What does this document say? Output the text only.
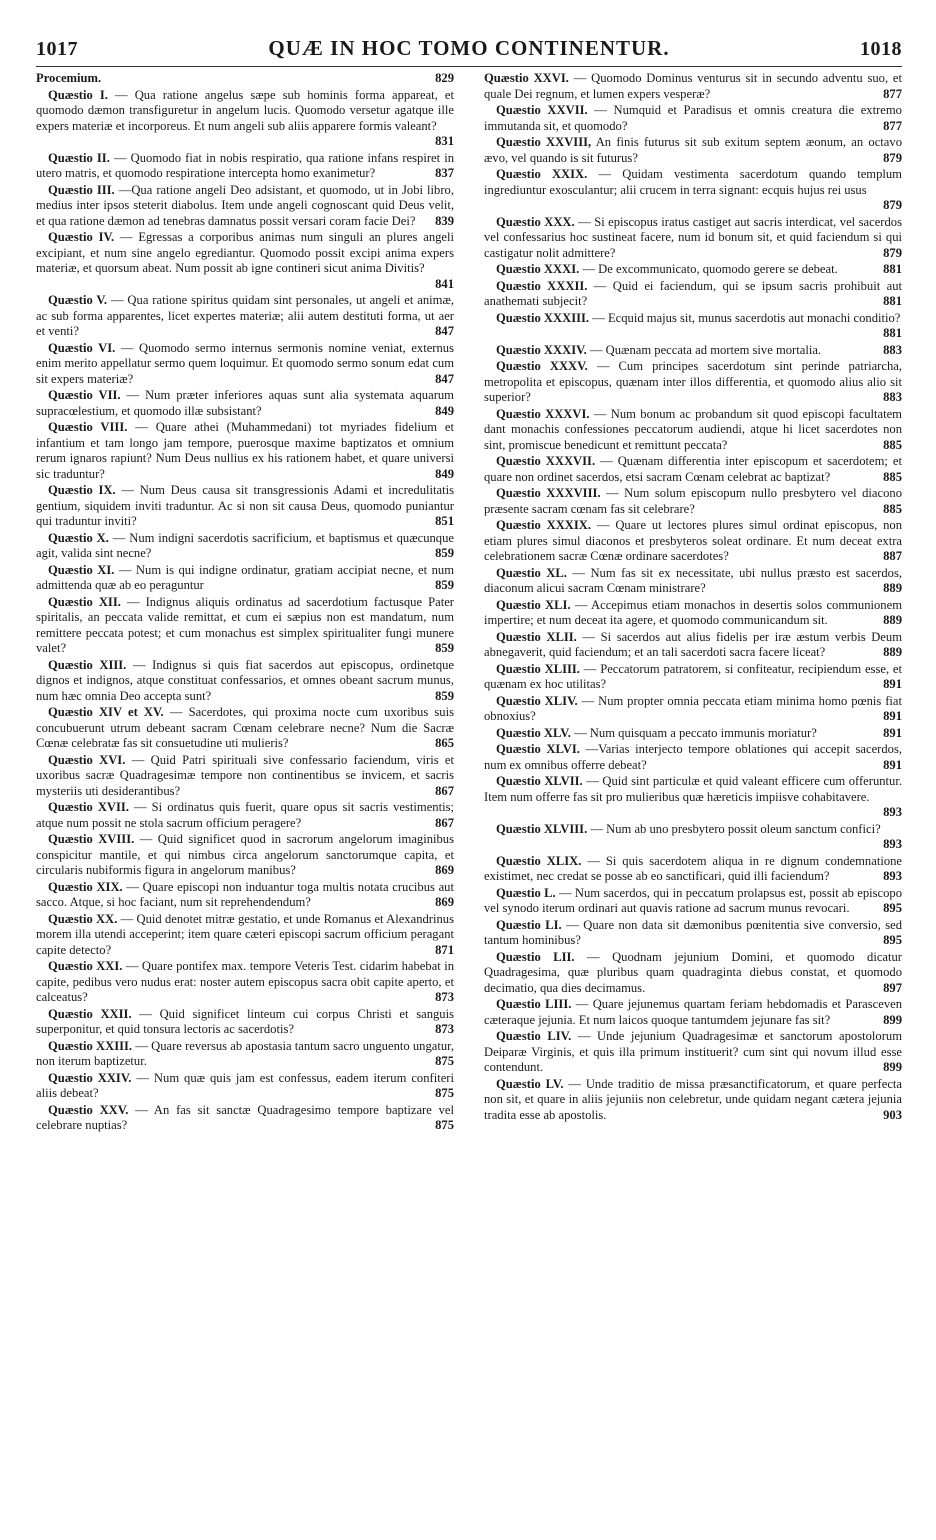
1017	QUÆ IN HOC TOMO CONTINENTUR.	1018

Procemium.	829

Quæstio I. — Qua ratione angelus sæpe sub hominis forma appareat, et quomodo dæmon transfiguretur in angelum lucis. Quomodo versetur agatque ille expers materiæ et incorporeus. Et num angeli sub aliis apparere formis valeant?
831

Quæstio II. — Quomodo fiat in nobis respiratio, qua ratione infans respiret in utero matris, et quomodo respiratione intercepta homo exanimetur?	837

Quæstio III. —Qua ratione angeli Deo adsistant, et quomodo, ut in Jobi libro, medius inter ipsos steterit diabolus. Item unde angeli cognoscant quid Deus velit, et qua ratione dæmon ad tenebras damnatus possit versari coram facie Dei?	839

Quæstio IV. — Egressas a corporibus animas num singuli an plures angeli excipiant, et num sine angelo egrediantur. Quomodo possit excipi anima expers materiæ, et quorsum abeat. Num possit ab igne contineri sicut anima Divitis?
841

Quæstio V. — Qua ratione spiritus quidam sint personales, ut angeli et animæ, ac sub forma apparentes, licet expertes materiæ; alii autem destituti forma, ut aer et venti?	847

Quæstio VI. — Quomodo sermo internus sermonis nomine veniat, externus enim merito appellatur sermo quem loquimur. Et quomodo sermo sonum edat cum sit expers materiæ?	847

Quæstio VII. — Num præter inferiores aquas sunt alia systemata aquarum supracœlestium, et quomodo illæ subsistant?	849

Quæstio VIII. — Quare athei (Muhammedani) tot myriades fidelium et infantium et tam longo jam tempore, puerosque maxime baptizatos et omnium rerum ignaros rapiunt? Num Deus nullius ex his rationem habet, et quare universi sic traduntur?	849

Quæstio IX. — Num Deus causa sit transgressionis Adami et incredulitatis gentium, siquidem inviti traduntur. Ac si non sit causa Deus, quomodo puniantur qui traduntur inviti?	851

Quæstio X. — Num indigni sacerdotis sacrificium, et baptismus et quæcunque agit, valida sint necne?	859

Quæstio XI. — Num is qui indigne ordinatur, gratiam accipiat necne, et num admittenda quæ ab eo peraguntur	859

Quæstio XII. — Indignus aliquis ordinatus ad sacerdotium factusque Pater spiritalis, an peccata valide remittat, et cum ei sæpius non est mandatum, num remittere peccata potest; et cum monachus est simplex spiritualiter fungi munere valet?	859

Quæstio XIII. — Indignus si quis fiat sacerdos aut episcopus, ordinetque dignos et indignos, atque constituat confessarios, et omnes obeant sacrum munus, num hæc omnia Deo accepta sunt?	859

Quæstio XIV et XV. — Sacerdotes, qui proxima nocte cum uxoribus suis concubuerunt utrum debeant sacram Cœnam celebrare necne? Num die Sacræ Cœnæ celebratæ fas sit consuetudine uti mulieris?	865

Quæstio XVI. — Quid Patri spirituali sive confessario faciendum, viris et uxoribus sacræ Quadragesimæ tempore non continentibus se invicem, et sacris mysteriis uti desiderantibus?	867

Quæstio XVII. — Si ordinatus quis fuerit, quare opus sit sacris vestimentis; atque num possit ne stola sacrum officium peragere?	867

Quæstio XVIII. — Quid significet quod in sacrorum angelorum imaginibus conspicitur mantile, et qui nimbus circa angelorum sanctorumque capita, et circularis nubiformis figura in angelorum manibus?	869

Quæstio XIX. — Quare episcopi non induantur toga multis notata crucibus aut sacco. Atque, si hoc faciant, num sit reprehendendum?	869

Quæstio XX. — Quid denotet mitræ gestatio, et unde Romanus et Alexandrinus morem illa utendi acceperint; item quare cæteri episcopi sacrum officium peragant capite detecto?	871

Quæstio XXI. — Quare pontifex max. tempore Veteris Test. cidarim habebat in capite, pedibus vero nudus erat: noster autem episcopus sacra obit capite aperto, et calceatus?	873

Quæstio XXII. — Quid significet linteum cui corpus Christi et sanguis superponitur, et quid tonsura lectoris ac sacerdotis?	873

Quæstio XXIII. — Quare reversus ab apostasia tantum sacro unguento ungatur, non iterum baptizetur.	875

Quæstio XXIV. — Num quæ quis jam est confessus, eadem iterum confiteri aliis debeat?	875

Quæstio XXV. — An fas sit sanctæ Quadragesimo tempore baptizare vel celebrare nuptias?	875

Quæstio XXVI. — Quomodo Dominus venturus sit in secundo adventu suo, et quale Dei regnum, et lumen expers vesperæ?	877

Quæstio XXVII. — Numquid et Paradisus et omnis creatura die extremo immutanda sit, et quomodo?	877

Quæstio XXVIII, An finis futurus sit sub exitum septem æonum, an octavo ævo, vel quando is sit futurus?	879

Quæstio XXIX. — Quidam vestimenta sacerdotum quando templum ingrediuntur exosculantur; alii crucem in terra signant: ecquis hujus rei usus
879

Quæstio XXX. — Si episcopus iratus castiget aut sacris interdicat, vel sacerdos vel confessarius hoc sustineat facere, num id bonum sit, et quid faciendum si qui castigatur nolit admittere?	879

Quæstio XXXI. — De excommunicato, quomodo gerere se debeat.	881

Quæstio XXXII. — Quid ei faciendum, qui se ipsum sacris prohibuit aut anathemati subjecit?	881

Quæstio XXXIII. — Ecquid majus sit, munus sacerdotis aut monachi conditio?
881

Quæstio XXXIV. — Quænam peccata ad mortem sive mortalia.	883

Quæstio XXXV. — Cum principes sacerdotum sint perinde patriarcha, metropolita et episcopus, quænam inter illos differentia, et quomodo alius alio sit superior?	883

Quæstio XXXVI. — Num bonum ac probandum sit quod episcopi facultatem dant monachis confessiones peccatorum audiendi, atque hi licet sacerdotes non sint, promiscue benedicunt et remittunt peccata?	885

Quæstio XXXVII. — Quænam differentia inter episcopum et sacerdotem; et quare non ordinet sacerdos, etsi sacram Cœnam celebrat ac baptizat?	885

Quæstio XXXVIII. — Num solum episcopum nullo presbytero vel diacono præsente sacram cœnam fas sit celebrare?	885

Quæstio XXXIX. — Quare ut lectores plures simul ordinat episcopus, non etiam plures simul diaconos et presbyteros soleat ordinare. Et num deceat extra celebrationem sacræ Cœnæ ordinare sacerdotes?	887

Quæstio XL. — Num fas sit ex necessitate, ubi nullus præsto est sacerdos, diaconum alicui sacram Cœnam ministrare?	889

Quæstio XLI. — Accepimus etiam monachos in desertis solos communionem impertire; et num deceat ita agere, et quomodo communicandum sit.	889

Quæstio XLII. — Si sacerdos aut alius fidelis per iræ æstum verbis Deum abnegaverit, quid faciendum; et an tali sacerdoti sacra facere liceat?	889

Quæstio XLIII. — Peccatorum patratorem, si confiteatur, recipiendum esse, et quænam ex hoc utilitas?	891

Quæstio XLIV. — Num propter omnia peccata etiam minima homo pœnis fiat obnoxius?	891

Quæstio XLV. — Num quisquam a peccato immunis moriatur?	891

Quæstio XLVI. —Varias interjecto tempore oblationes qui accepit sacerdos, num ex omnibus offerre debeat?	891

Quæstio XLVII. — Quid sint particulæ et quid valeant efficere cum offeruntur. Item num offerre fas sit pro mulieribus quæ hæreticis impiisve cohabitavere.
893

Quæstio XLVIII. — Num ab uno presbytero possit oleum sanctum confici?
893

Quæstio XLIX. — Si quis sacerdotem aliqua in re dignum condemnatione existimet, nec credat se posse ab eo sanctificari, quid illi faciendum?	893

Quæstio L. — Num sacerdos, qui in peccatum prolapsus est, possit ab episcopo vel synodo iterum ordinari aut quavis ratione ad sacrum munus revocari.	895

Quæstio LI. — Quare non data sit dæmonibus pœnitentia sive conversio, sed tantum hominibus?	895

Quæstio LII. — Quodnam jejunium Domini, et quomodo dicatur Quadragesima, quæ pluribus quam quadraginta diebus constat, et quomodo decimatio, qua dies decimamus.	897

Quæstio LIII. — Quare jejunemus quartam feriam hebdomadis et Parasceven cæteraque jejunia. Et num laicos quoque tantumdem jejunare fas sit?	899

Quæstio LIV. — Unde jejunium Quadragesimæ et sanctorum apostolorum Deiparæ Virginis, et quis illa primum instituerit? cum sint qui novum illud esse contendunt.	899

Quæstio LV. — Unde traditio de missa præsanctificatorum, et quare perfecta non sit, et quare in aliis jejuniis non celebretur, unde quidam negant cætera jejunia tradita esse ab apostolis.	903
